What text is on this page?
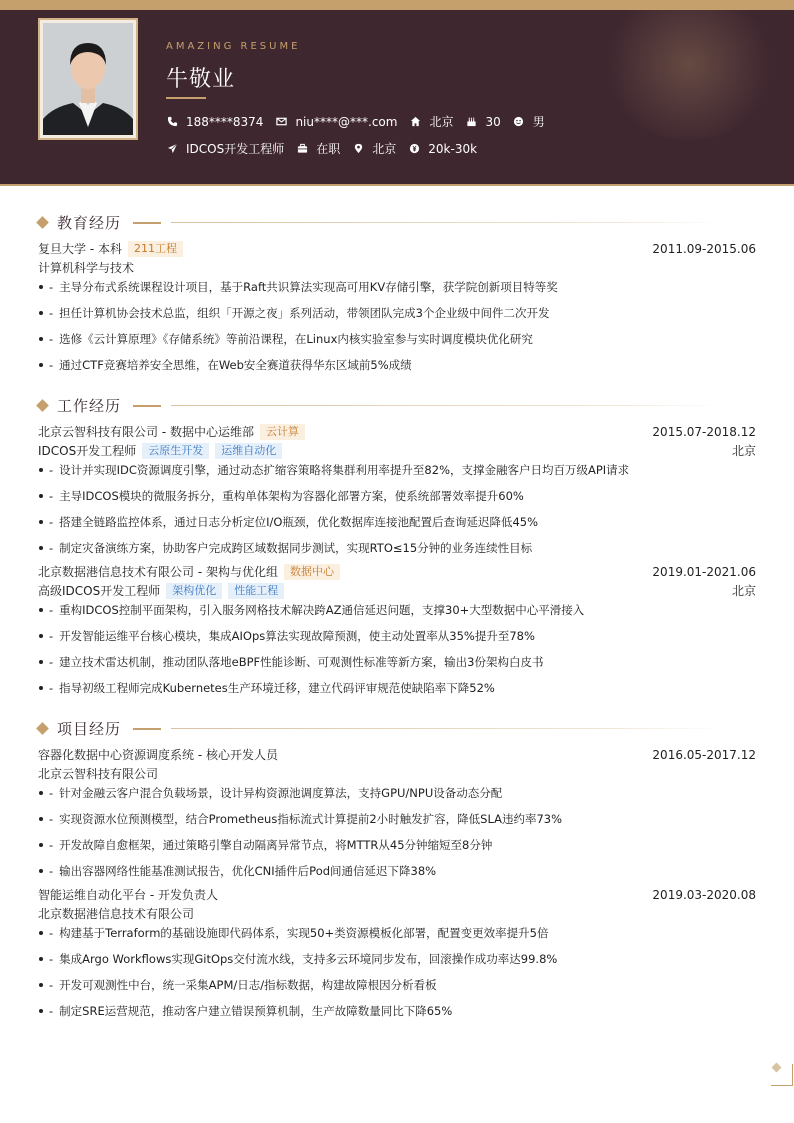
AMAZING RESUME
牛敬业
188****8374	niu****@***.com	北京	30	男
IDCOS开发工程师	在职	北京	20k-30k
教育经历
复旦大学 - 本科	211工程	2011.09-2015.06
计算机科学与技术
- 主导分布式系统课程设计项目，基于Raft共识算法实现高可用KV存储引擎，获学院创新项目特等奖
- 担任计算机协会技术总监，组织「开源之夜」系列活动，带领团队完成3个企业级中间件二次开发
- 选修《云计算原理》《存储系统》等前沿课程，在Linux内核实验室参与实时调度模块优化研究
- 通过CTF竞赛培养安全思维，在Web安全赛道获得华东区域前5%成绩
工作经历
北京云智科技有限公司 - 数据中心运维部	云计算	2015.07-2018.12
IDCOS开发工程师	云原生开发	运维自动化	北京
- 设计并实现IDC资源调度引擎，通过动态扩缩容策略将集群利用率提升至82%，支撑金融客户日均百万级API请求
- 主导IDCOS模块的微服务拆分，重构单体架构为容器化部署方案，使系统部署效率提升60%
- 搭建全链路监控体系，通过日志分析定位I/O瓶颈，优化数据库连接池配置后查询延迟降低45%
- 制定灾备演练方案，协助客户完成跨区域数据同步测试，实现RTO≤15分钟的业务连续性目标
北京数据港信息技术有限公司 - 架构与优化组	数据中心	2019.01-2021.06
高级IDCOS开发工程师	架构优化	性能工程	北京
- 重构IDCOS控制平面架构，引入服务网格技术解决跨AZ通信延迟问题，支撑30+大型数据中心平滑接入
- 开发智能运维平台核心模块，集成AIOps算法实现故障预测，使主动处置率从35%提升至78%
- 建立技术雷达机制，推动团队落地eBPF性能诊断、可观测性标准等新方案，输出3份架构白皮书
- 指导初级工程师完成Kubernetes生产环境迁移，建立代码评审规范使缺陷率下降52%
项目经历
容器化数据中心资源调度系统 - 核心开发人员	2016.05-2017.12
北京云智科技有限公司
- 针对金融云客户混合负载场景，设计异构资源池调度算法，支持GPU/NPU设备动态分配
- 实现资源水位预测模型，结合Prometheus指标流式计算提前2小时触发扩容，降低SLA违约率73%
- 开发故障自愈框架，通过策略引擎自动隔离异常节点，将MTTR从45分钟缩短至8分钟
- 输出容器网络性能基准测试报告，优化CNI插件后Pod间通信延迟下降38%
智能运维自动化平台 - 开发负责人	2019.03-2020.08
北京数据港信息技术有限公司
- 构建基于Terraform的基础设施即代码体系，实现50+类资源模板化部署，配置变更效率提升5倍
- 集成Argo Workflows实现GitOps交付流水线，支持多云环境同步发布，回滚操作成功率达99.8%
- 开发可观测性中台，统一采集APM/日志/指标数据，构建故障根因分析看板
- 制定SRE运营规范，推动客户建立错误预算机制，生产故障数量同比下降65%
